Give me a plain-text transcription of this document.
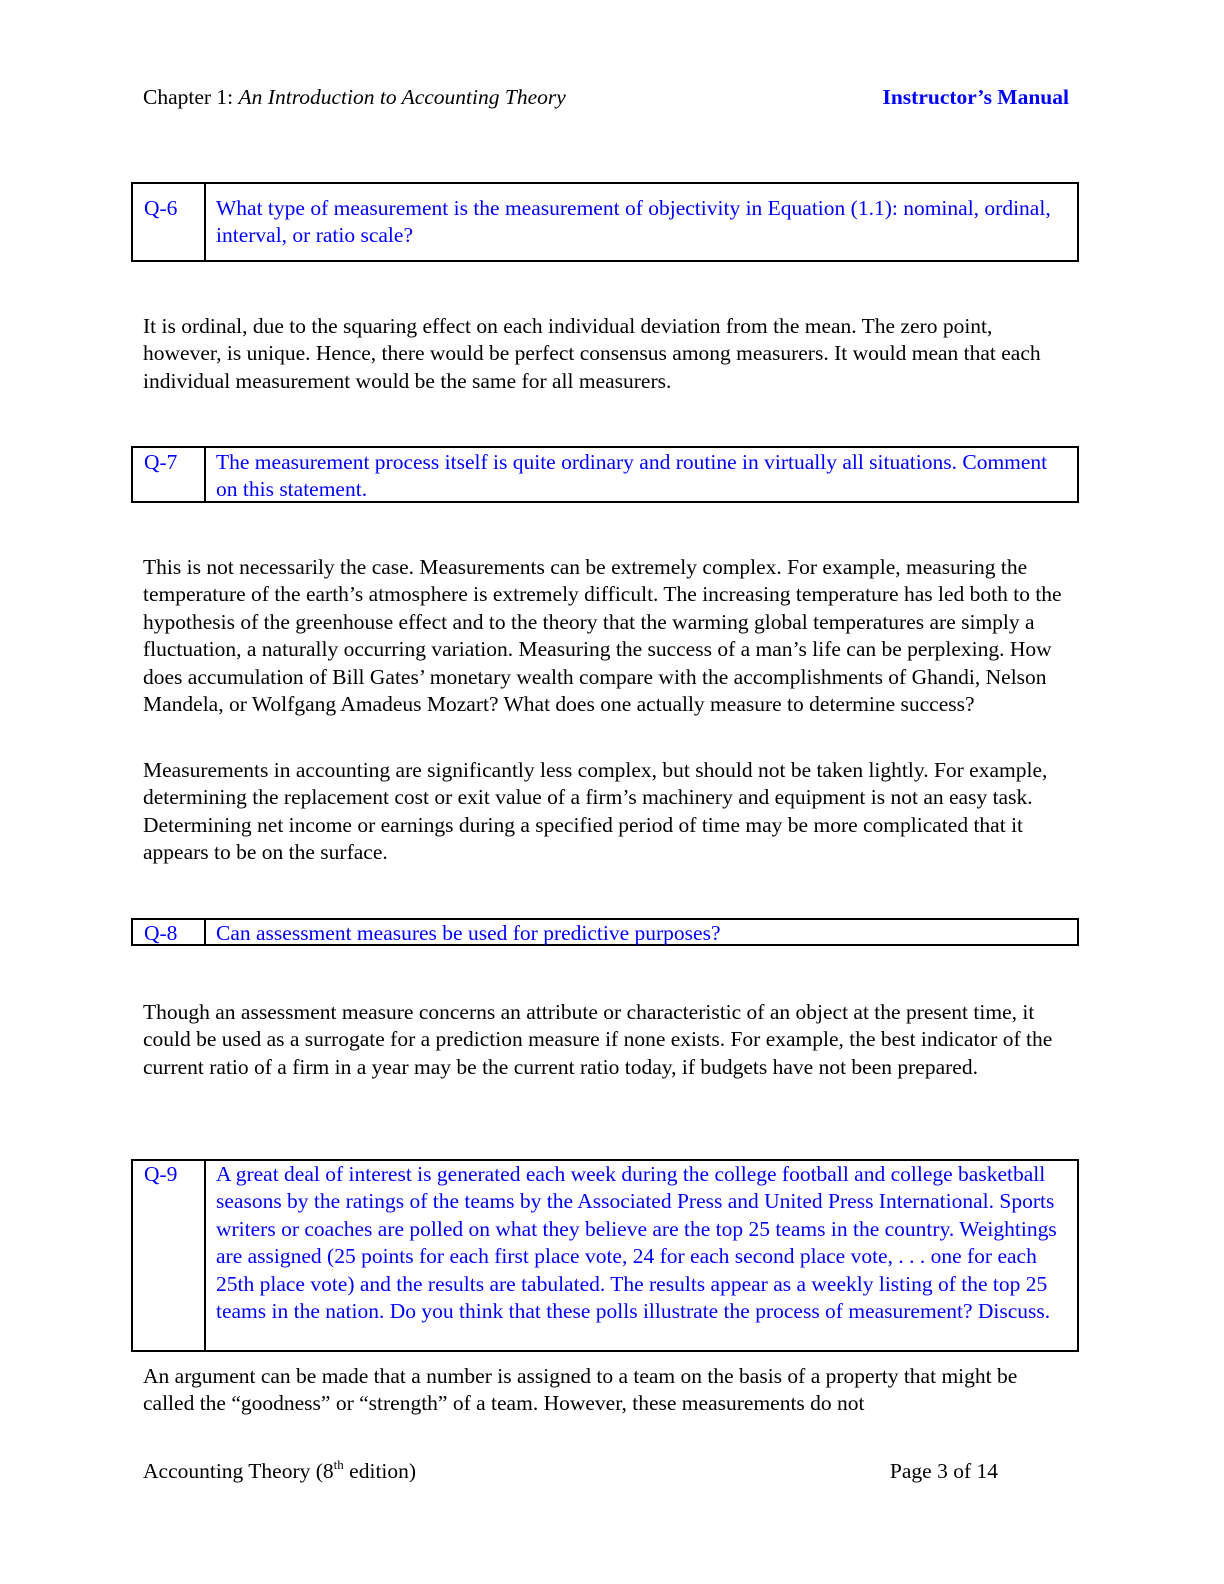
Chapter 1: An Introduction to Accounting Theory	Instructor’s Manual
Q-6	What type of measurement is the measurement of objectivity in Equation (1.1): nominal, ordinal, interval, or ratio scale?

It is ordinal, due to the squaring effect on each individual deviation from the mean. The zero point, however, is unique. Hence, there would be perfect consensus among measurers. It would mean that each individual measurement would be the same for all measurers.

Q-7	The measurement process itself is quite ordinary and routine in virtually all situations. Comment on this statement.

This is not necessarily the case. Measurements can be extremely complex. For example, measuring the temperature of the earth’s atmosphere is extremely difficult. The increasing temperature has led both to the hypothesis of the greenhouse effect and to the theory that the warming global temperatures are simply a fluctuation, a naturally occurring variation. Measuring the success of a man’s life can be perplexing. How does accumulation of Bill Gates’ monetary wealth compare with the accomplishments of Ghandi, Nelson Mandela, or Wolfgang Amadeus Mozart? What does one actually measure to determine success?

Measurements in accounting are significantly less complex, but should not be taken lightly. For example, determining the replacement cost or exit value of a firm’s machinery and equipment is not an easy task. Determining net income or earnings during a specified period of time may be more complicated that it appears to be on the surface.

Q-8	Can assessment measures be used for predictive purposes?

Though an assessment measure concerns an attribute or characteristic of an object at the present time, it could be used as a surrogate for a prediction measure if none exists. For example, the best indicator of the current ratio of a firm in a year may be the current ratio today, if budgets have not been prepared.

Q-9	A great deal of interest is generated each week during the college football and college basketball seasons by the ratings of the teams by the Associated Press and United Press International. Sports writers or coaches are polled on what they believe are the top 25 teams in the country. Weightings are assigned (25 points for each first place vote, 24 for each second place vote, . . . one for each 25th place vote) and the results are tabulated. The results appear as a weekly listing of the top 25 teams in the nation. Do you think that these polls illustrate the process of measurement? Discuss.

An argument can be made that a number is assigned to a team on the basis of a property that might be called the “goodness” or “strength” of a team. However, these measurements do not

Accounting Theory (8th edition)	Page 3 of 14
